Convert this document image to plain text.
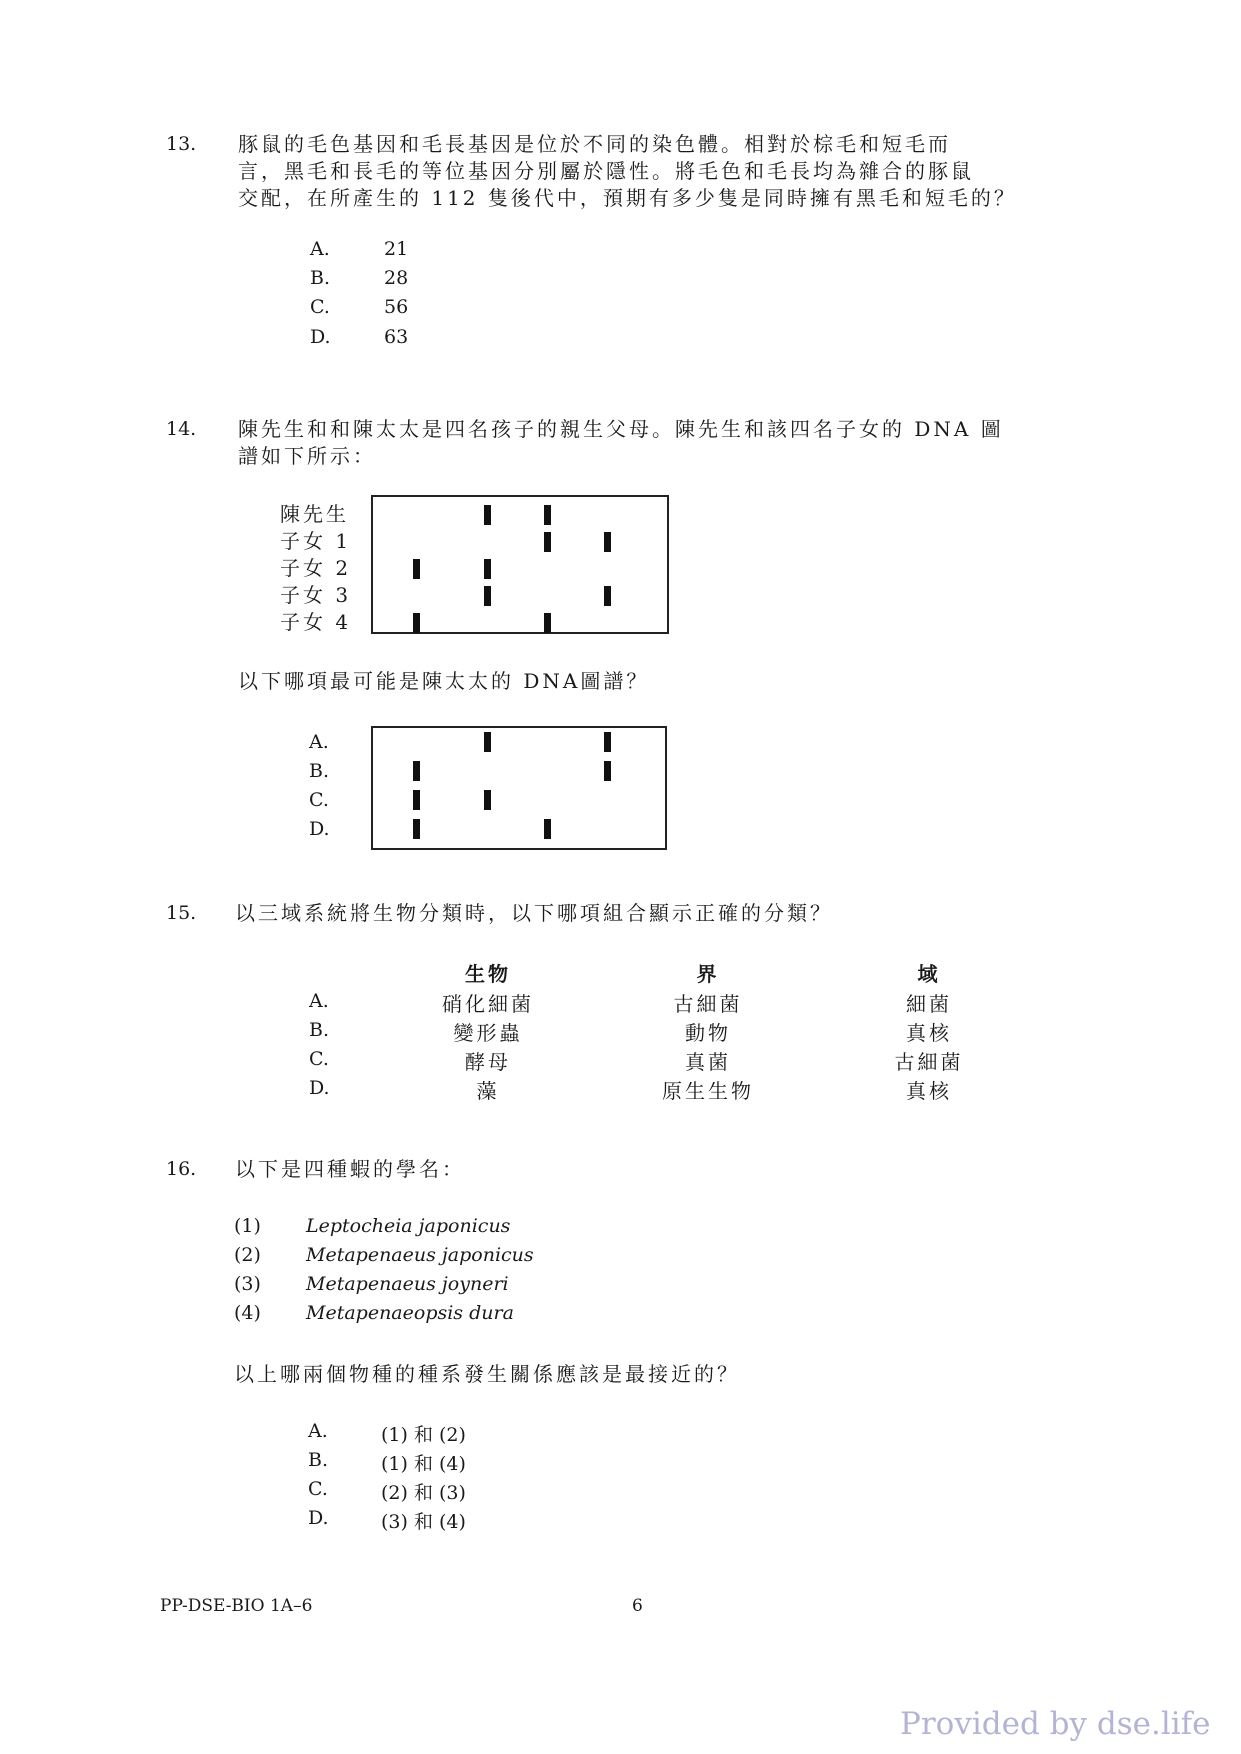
13. 豚鼠的毛色基因和毛長基因是位於不同的染色體。相對於棕毛和短毛而
言，黑毛和長毛的等位基因分別屬於隱性。將毛色和毛長均為雜合的豚鼠
交配，在所產生的 112 隻後代中，預期有多少隻是同時擁有黑毛和短毛的？
A.	21
B.	28
C.	56
D.	63
14. 陳先生和和陳太太是四名孩子的親生父母。陳先生和該四名子女的 DNA 圖
譜如下所示：
陳先生
子女 1
子女 2
子女 3
子女 4
以下哪項最可能是陳太太的 DNA圖譜？
A.
B.
C.
D.
15. 以三域系統將生物分類時，以下哪項組合顯示正確的分類？
生物	界	域
A.	硝化細菌	古細菌	細菌
B.	變形蟲	動物	真核
C.	酵母	真菌	古細菌
D.	藻	原生生物	真核
16. 以下是四種蝦的學名：
(1) Leptocheia japonicus
(2) Metapenaeus japonicus
(3) Metapenaeus joyneri
(4) Metapenaeopsis dura
以上哪兩個物種的種系發生關係應該是最接近的？
A.	(1) 和 (2)
B.	(1) 和 (4)
C.	(2) 和 (3)
D.	(3) 和 (4)
PP-DSE-BIO 1A–6	6
Provided by dse.life
